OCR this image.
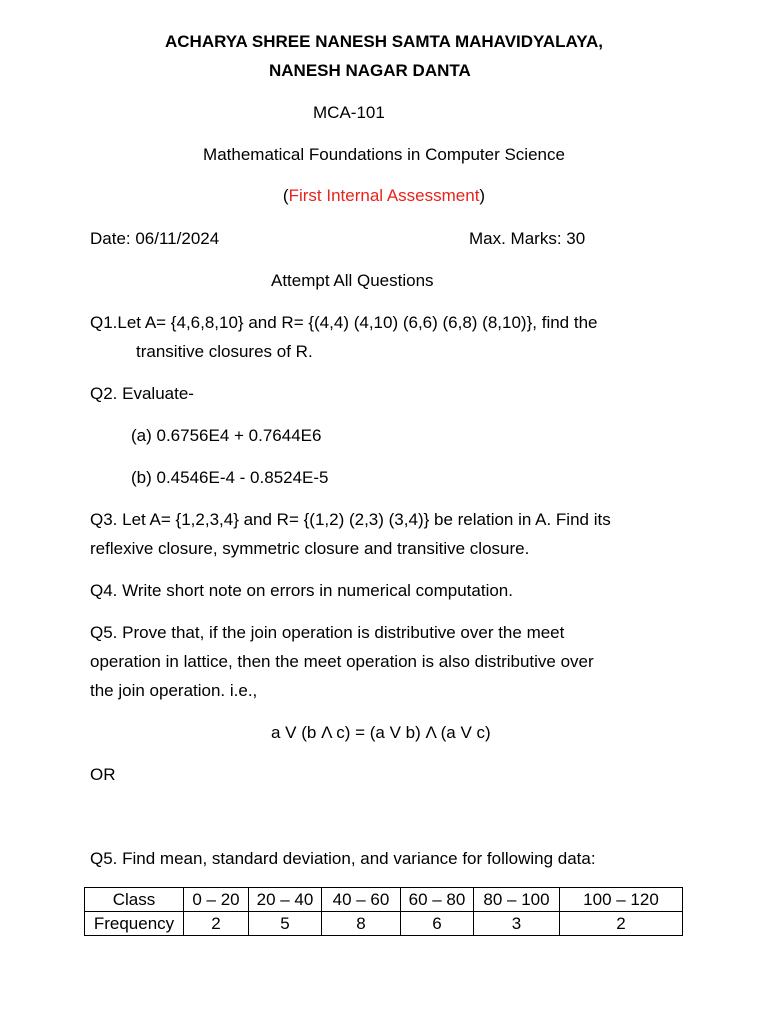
ACHARYA SHREE NANESH SAMTA MAHAVIDYALAYA,
NANESH NAGAR DANTA
MCA-101
Mathematical Foundations in Computer Science
(First Internal Assessment)
Date: 06/11/2024	Max. Marks: 30
Attempt All Questions
Q1.Let A= {4,6,8,10} and R= {(4,4) (4,10) (6,6) (6,8) (8,10)}, find the
transitive closures of R.
Q2. Evaluate-
(a) 0.6756E4 + 0.7644E6
(b) 0.4546E-4 - 0.8524E-5
Q3. Let A= {1,2,3,4} and R= {(1,2) (2,3) (3,4)} be relation in A. Find its
reflexive closure, symmetric closure and transitive closure.
Q4. Write short note on errors in numerical computation.
Q5. Prove that, if the join operation is distributive over the meet
operation in lattice, then the meet operation is also distributive over
the join operation. i.e.,
a V (b Λ c) = (a V b) Λ (a V c)
OR
Q5. Find mean, standard deviation, and variance for following data:
Class	0 – 20	20 – 40	40 – 60	60 – 80	80 – 100	100 – 120
Frequency	2	5	8	6	3	2
